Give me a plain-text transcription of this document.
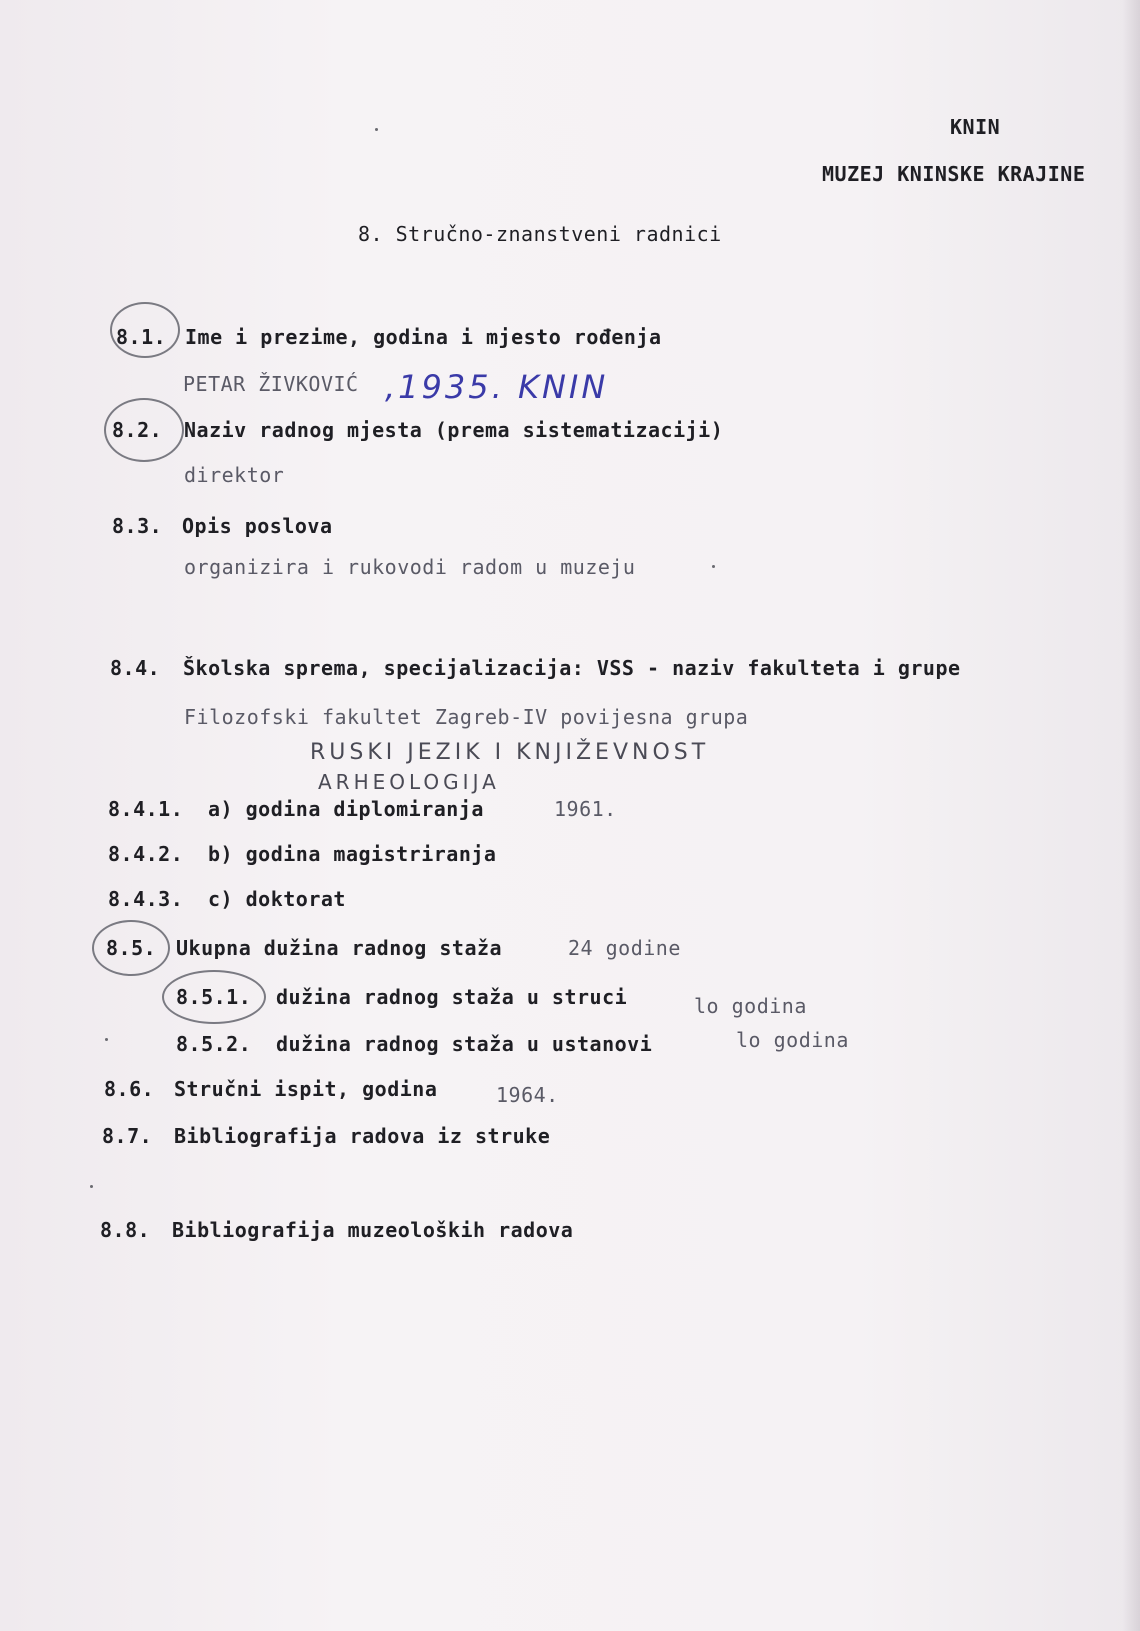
KNIN
MUZEJ KNINSKE KRAJINE
8. Stručno-znanstveni radnici
8.1. Ime i prezime, godina i mjesto rođenja
PETAR ŽIVKOVIĆ ,1935. KNIN
8.2. Naziv radnog mjesta (prema sistematizaciji)
direktor
8.3. Opis poslova
organizira i rukovodi radom u muzeju
8.4. Školska sprema, specijalizacija: VSS - naziv fakulteta i grupe
Filozofski fakultet Zagreb-IV povijesna grupa
RUSKI JEZIK I KNJIŽEVNOST
ARHEOLOGIJA
8.4.1. a) godina diplomiranja	1961.
8.4.2. b) godina magistriranja
8.4.3. c) doktorat
8.5. Ukupna dužina radnog staža	24 godine
8.5.1. dužina radnog staža u struci	lo godina
8.5.2. dužina radnog staža u ustanovi	lo godina
8.6. Stručni ispit, godina	1964.
8.7. Bibliografija radova iz struke
8.8. Bibliografija muzeoloških radova
